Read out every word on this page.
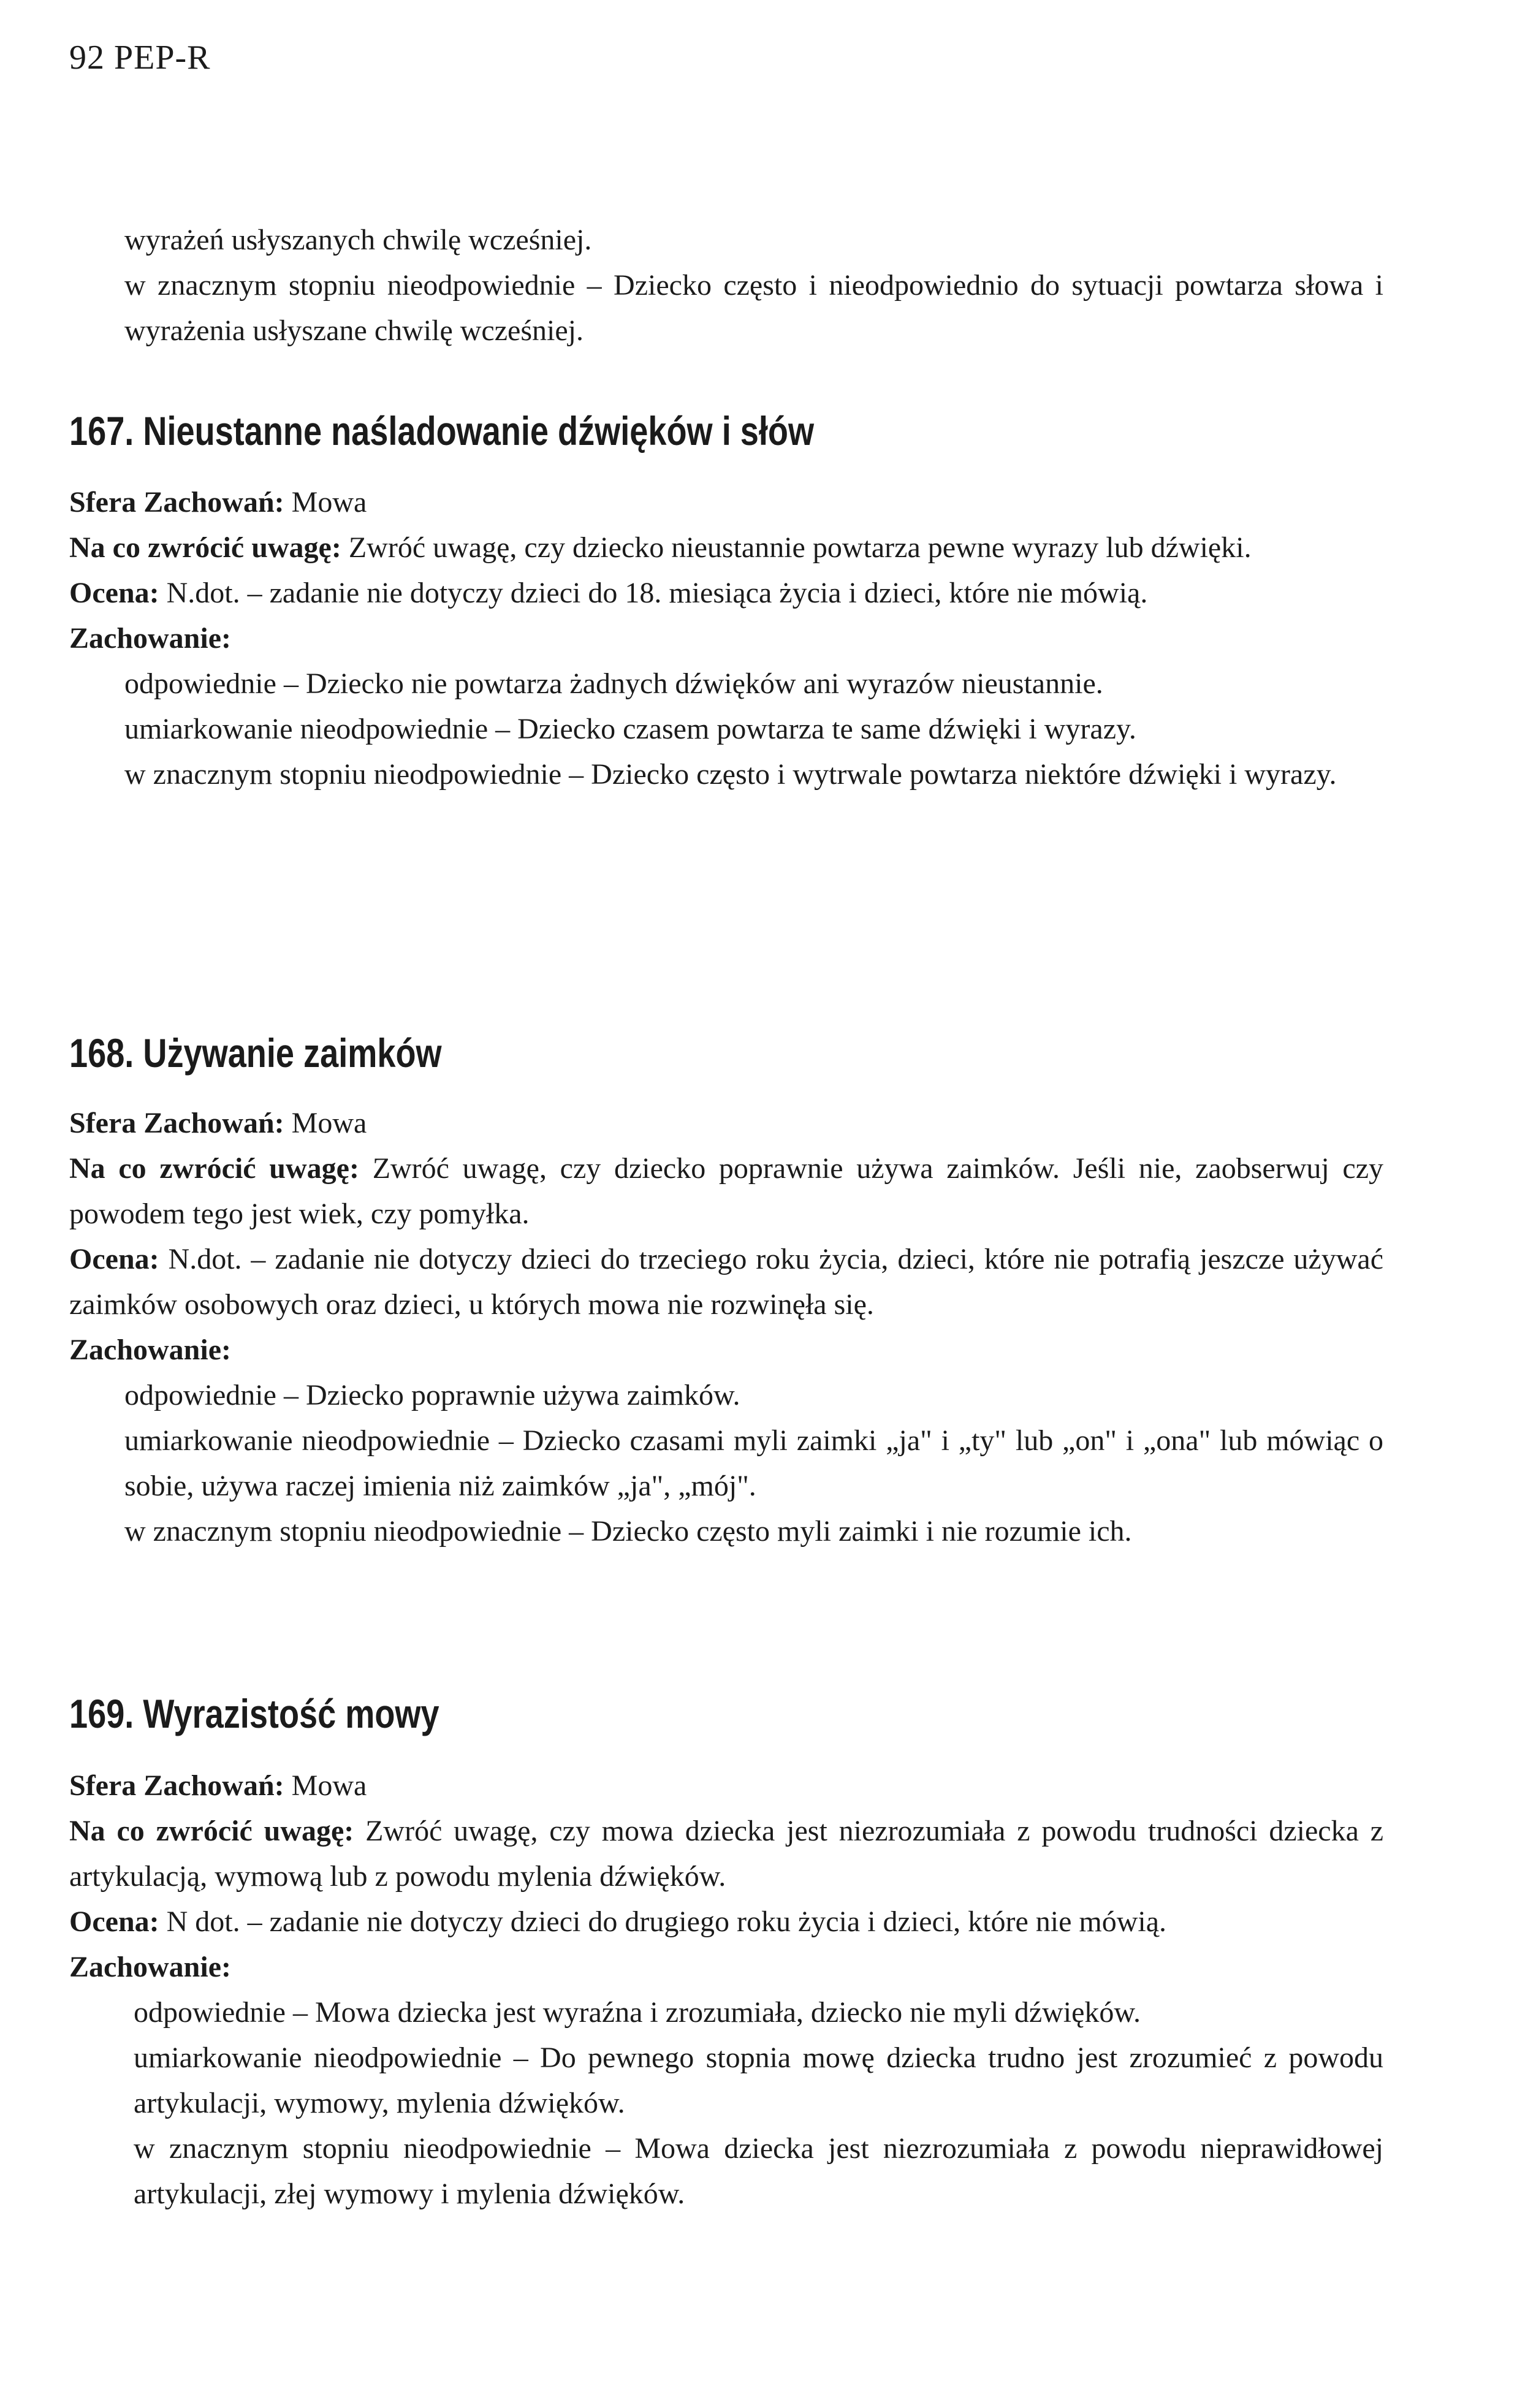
92 PEP-R

wyrażeń usłyszanych chwilę wcześniej.

w znacznym stopniu nieodpowiednie – Dziecko często i nieodpowiednio do sytuacji powtarza słowa i wyrażenia usłyszane chwilę wcześniej.

167. Nieustanne naśladowanie dźwięków i słów

Sfera Zachowań: Mowa

Na co zwrócić uwagę: Zwróć uwagę, czy dziecko nieustannie powtarza pewne wyrazy lub dźwięki.

Ocena: N.dot. – zadanie nie dotyczy dzieci do 18. miesiąca życia i dzieci, które nie mówią.

Zachowanie:

odpowiednie – Dziecko nie powtarza żadnych dźwięków ani wyrazów nieustannie.

umiarkowanie nieodpowiednie – Dziecko czasem powtarza te same dźwięki i wyrazy.

w znacznym stopniu nieodpowiednie – Dziecko często i wytrwale powtarza niektóre dźwięki i wyrazy.

168. Używanie zaimków

Sfera Zachowań: Mowa

Na co zwrócić uwagę: Zwróć uwagę, czy dziecko poprawnie używa zaimków. Jeśli nie, zaobserwuj czy powodem tego jest wiek, czy pomyłka.

Ocena: N.dot. – zadanie nie dotyczy dzieci do trzeciego roku życia, dzieci, które nie potrafią jeszcze używać zaimków osobowych oraz dzieci, u których mowa nie rozwinęła się.

Zachowanie:

odpowiednie – Dziecko poprawnie używa zaimków.

umiarkowanie nieodpowiednie – Dziecko czasami myli zaimki „ja" i „ty" lub „on" i „ona" lub mówiąc o sobie, używa raczej imienia niż zaimków „ja", „mój".

w znacznym stopniu nieodpowiednie – Dziecko często myli zaimki i nie rozumie ich.

169. Wyrazistość mowy

Sfera Zachowań: Mowa

Na co zwrócić uwagę: Zwróć uwagę, czy mowa dziecka jest niezrozumiała z powodu trudności dziecka z artykulacją, wymową lub z powodu mylenia dźwięków.

Ocena: N dot. – zadanie nie dotyczy dzieci do drugiego roku życia i dzieci, które nie mówią.

Zachowanie:

odpowiednie – Mowa dziecka jest wyraźna i zrozumiała, dziecko nie myli dźwięków.

umiarkowanie nieodpowiednie – Do pewnego stopnia mowę dziecka trudno jest zrozumieć z powodu artykulacji, wymowy, mylenia dźwięków.

w znacznym stopniu nieodpowiednie – Mowa dziecka jest niezrozumiała z powodu nieprawidłowej artykulacji, złej wymowy i mylenia dźwięków.
